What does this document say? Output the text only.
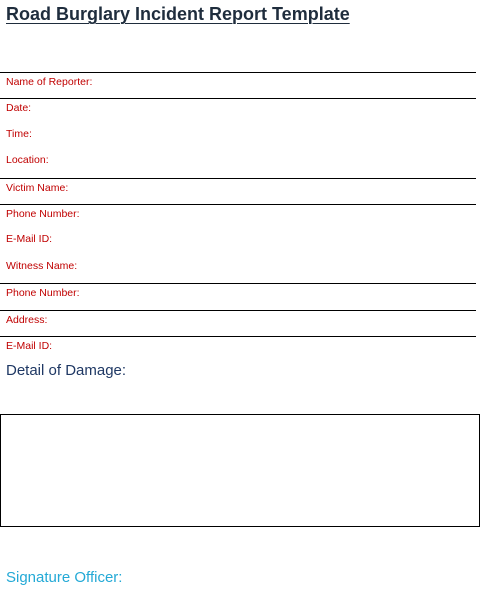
Road Burglary Incident Report Template
Name of Reporter:
Date:
Time:
Location:
Victim Name:
Phone Number:
E-Mail ID:
Witness Name:
Phone Number:
Address:
E-Mail ID:
Detail of Damage:
Signature Officer:
